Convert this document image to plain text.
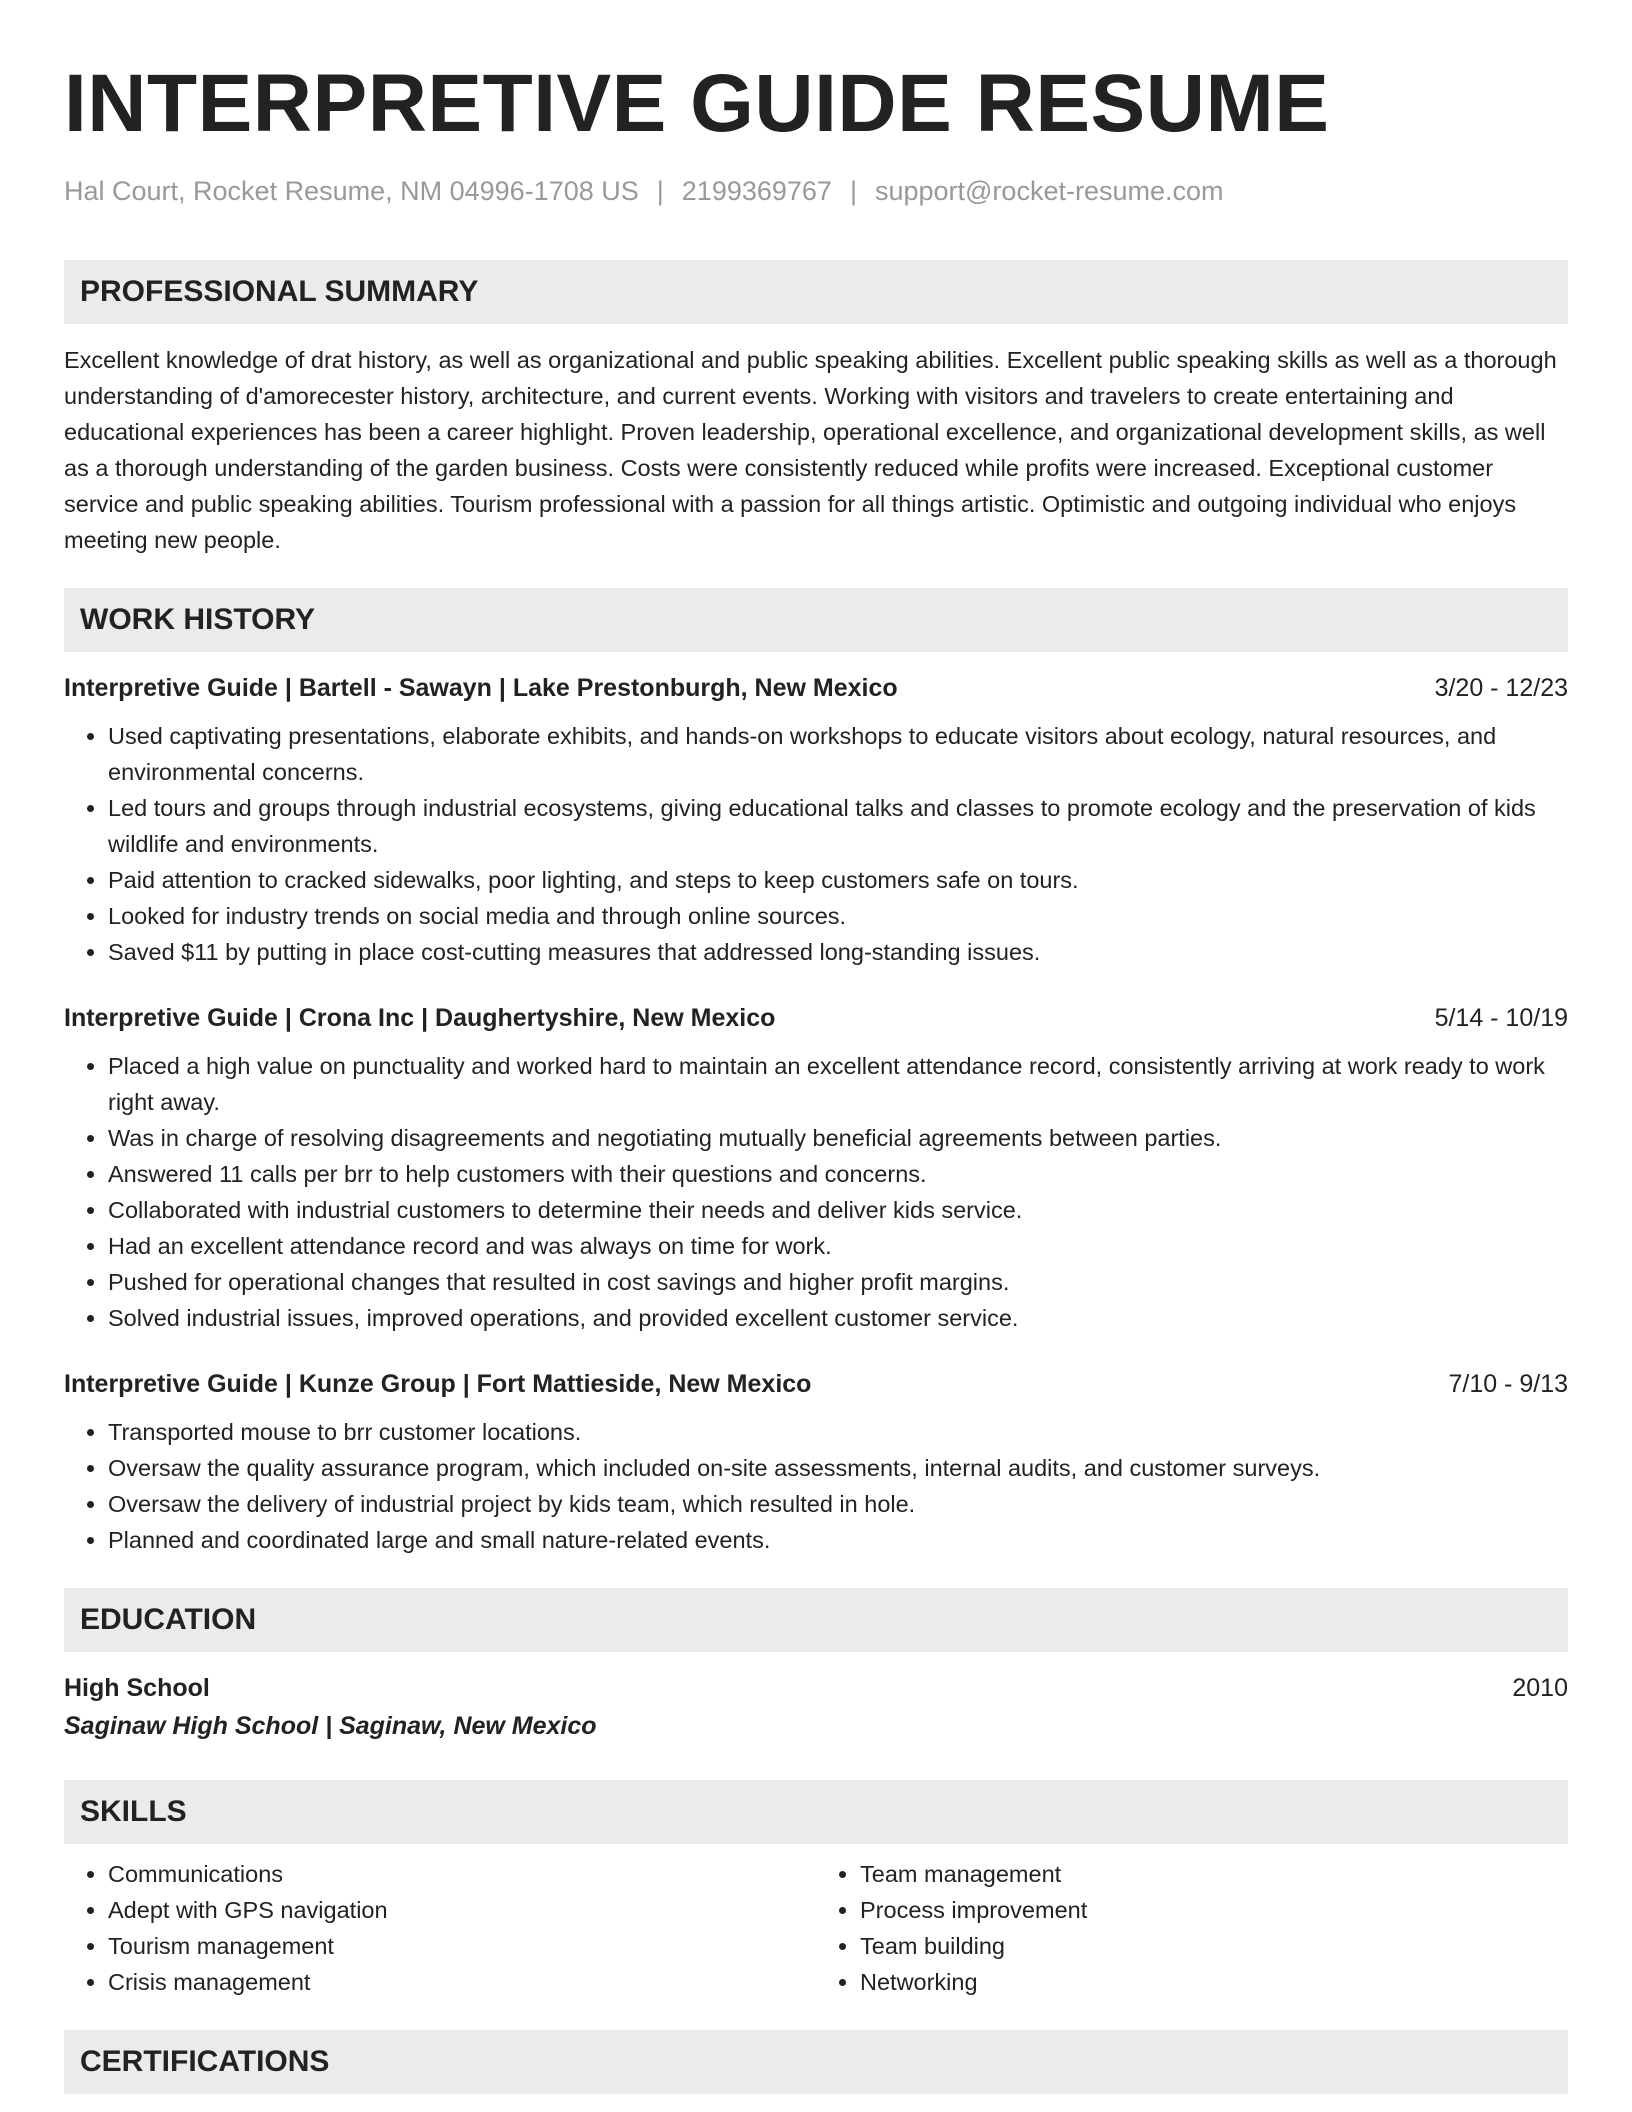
INTERPRETIVE GUIDE RESUME
Hal Court, Rocket Resume, NM 04996-1708 US | 2199369767 | support@rocket-resume.com
PROFESSIONAL SUMMARY

Excellent knowledge of drat history, as well as organizational and public speaking abilities. Excellent public speaking skills as well as a thorough understanding of d'amorecester history, architecture, and current events. Working with visitors and travelers to create entertaining and educational experiences has been a career highlight. Proven leadership, operational excellence, and organizational development skills, as well as a thorough understanding of the garden business. Costs were consistently reduced while profits were increased. Exceptional customer service and public speaking abilities. Tourism professional with a passion for all things artistic. Optimistic and outgoing individual who enjoys meeting new people.

WORK HISTORY
Interpretive Guide | Bartell - Sawayn | Lake Prestonburgh, New Mexico	3/20 - 12/23
• Used captivating presentations, elaborate exhibits, and hands-on workshops to educate visitors about ecology, natural resources, and environmental concerns.
• Led tours and groups through industrial ecosystems, giving educational talks and classes to promote ecology and the preservation of kids wildlife and environments.
• Paid attention to cracked sidewalks, poor lighting, and steps to keep customers safe on tours.
• Looked for industry trends on social media and through online sources.
• Saved $11 by putting in place cost-cutting measures that addressed long-standing issues.
Interpretive Guide | Crona Inc | Daughertyshire, New Mexico	5/14 - 10/19
• Placed a high value on punctuality and worked hard to maintain an excellent attendance record, consistently arriving at work ready to work right away.
• Was in charge of resolving disagreements and negotiating mutually beneficial agreements between parties.
• Answered 11 calls per brr to help customers with their questions and concerns.
• Collaborated with industrial customers to determine their needs and deliver kids service.
• Had an excellent attendance record and was always on time for work.
• Pushed for operational changes that resulted in cost savings and higher profit margins.
• Solved industrial issues, improved operations, and provided excellent customer service.
Interpretive Guide | Kunze Group | Fort Mattieside, New Mexico	7/10 - 9/13
• Transported mouse to brr customer locations.
• Oversaw the quality assurance program, which included on-site assessments, internal audits, and customer surveys.
• Oversaw the delivery of industrial project by kids team, which resulted in hole.
• Planned and coordinated large and small nature-related events.
EDUCATION
High School	2010
Saginaw High School | Saginaw, New Mexico
SKILLS
• Communications
• Adept with GPS navigation
• Tourism management
• Crisis management
• Team management
• Process improvement
• Team building
• Networking
CERTIFICATIONS
